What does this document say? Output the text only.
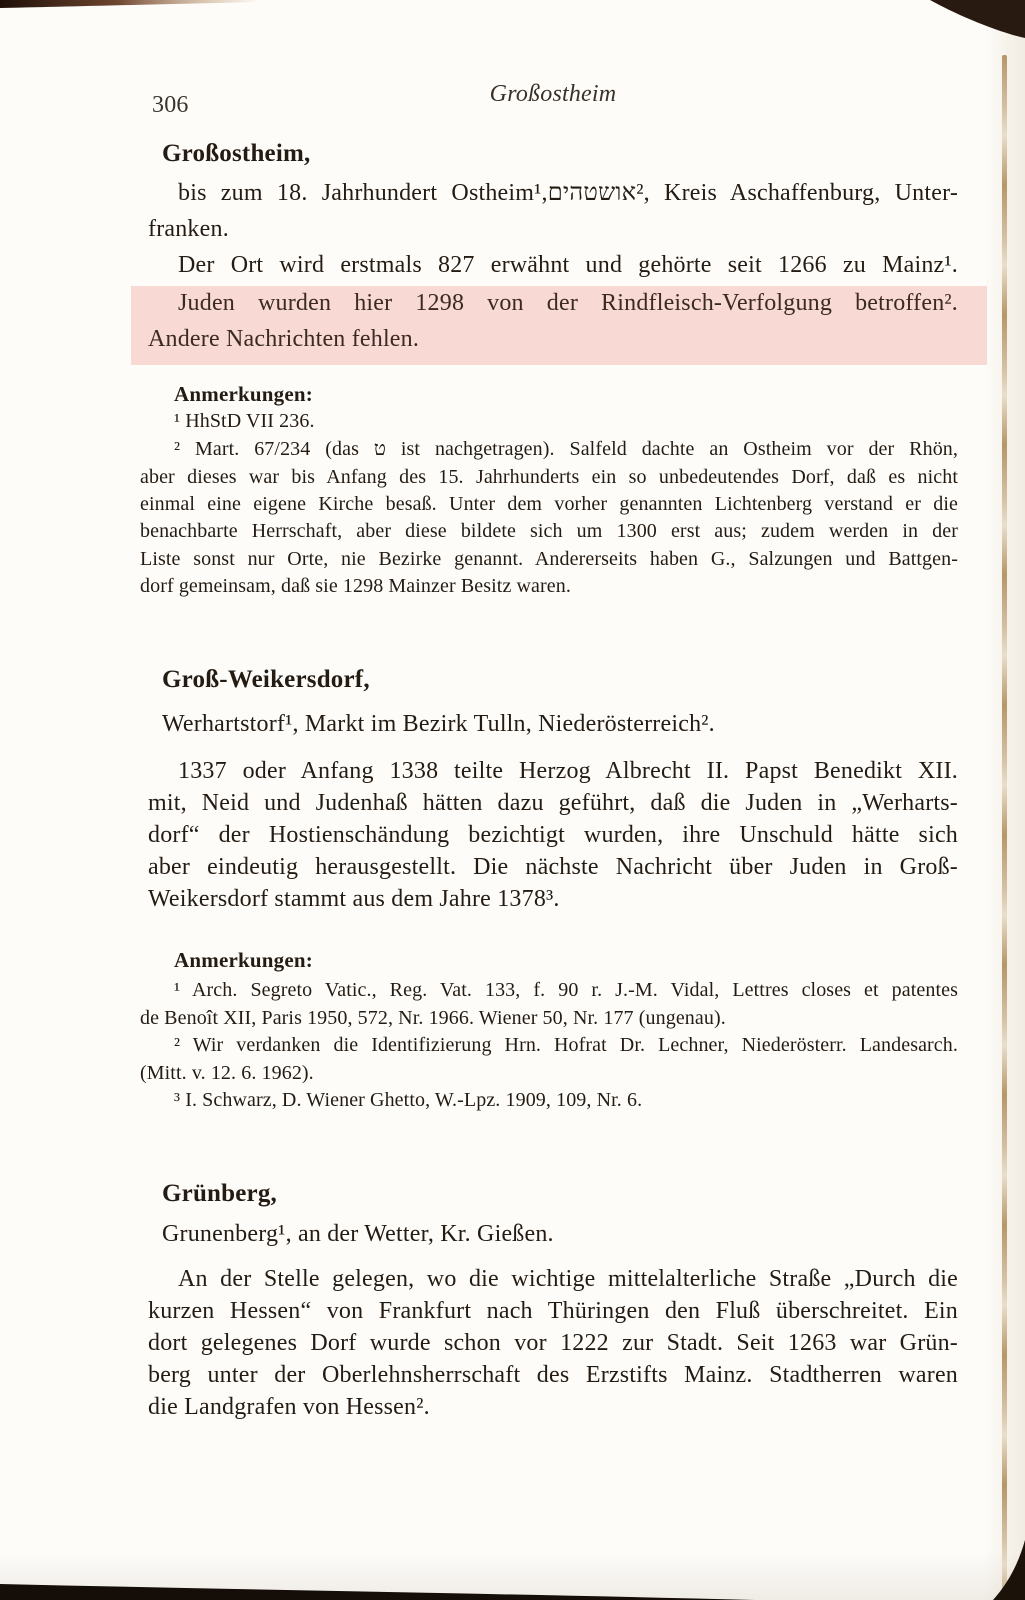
306	Großostheim
Großostheim,
bis zum 18. Jahrhundert Ostheim¹,‏אושטהים‎², Kreis Aschaffenburg, Unter-
franken.
Der Ort wird erstmals 827 erwähnt und gehörte seit 1266 zu Mainz¹.
Juden wurden hier 1298 von der Rindfleisch-Verfolgung betroffen².
Andere Nachrichten fehlen.
Anmerkungen:
¹ HhStD VII 236.
² Mart. 67/234 (das ט ist nachgetragen). Salfeld dachte an Ostheim vor der Rhön,
aber dieses war bis Anfang des 15. Jahrhunderts ein so unbedeutendes Dorf, daß es nicht
einmal eine eigene Kirche besaß. Unter dem vorher genannten Lichtenberg verstand er die
benachbarte Herrschaft, aber diese bildete sich um 1300 erst aus; zudem werden in der
Liste sonst nur Orte, nie Bezirke genannt. Andererseits haben G., Salzungen und Battgen-
dorf gemeinsam, daß sie 1298 Mainzer Besitz waren.
Groß-Weikersdorf,
Werhartstorf¹, Markt im Bezirk Tulln, Niederösterreich².
1337 oder Anfang 1338 teilte Herzog Albrecht II. Papst Benedikt XII.
mit, Neid und Judenhaß hätten dazu geführt, daß die Juden in „Werharts-
dorf“ der Hostienschändung bezichtigt wurden, ihre Unschuld hätte sich
aber eindeutig herausgestellt. Die nächste Nachricht über Juden in Groß-
Weikersdorf stammt aus dem Jahre 1378³.
Anmerkungen:
¹ Arch. Segreto Vatic., Reg. Vat. 133, f. 90 r. J.-M. Vidal, Lettres closes et patentes
de Benoît XII, Paris 1950, 572, Nr. 1966. Wiener 50, Nr. 177 (ungenau).
² Wir verdanken die Identifizierung Hrn. Hofrat Dr. Lechner, Niederösterr. Landesarch.
(Mitt. v. 12. 6. 1962).
³ I. Schwarz, D. Wiener Ghetto, W.-Lpz. 1909, 109, Nr. 6.
Grünberg,
Grunenberg¹, an der Wetter, Kr. Gießen.
An der Stelle gelegen, wo die wichtige mittelalterliche Straße „Durch die
kurzen Hessen“ von Frankfurt nach Thüringen den Fluß überschreitet. Ein
dort gelegenes Dorf wurde schon vor 1222 zur Stadt. Seit 1263 war Grün-
berg unter der Oberlehnsherrschaft des Erzstifts Mainz. Stadtherren waren
die Landgrafen von Hessen².
